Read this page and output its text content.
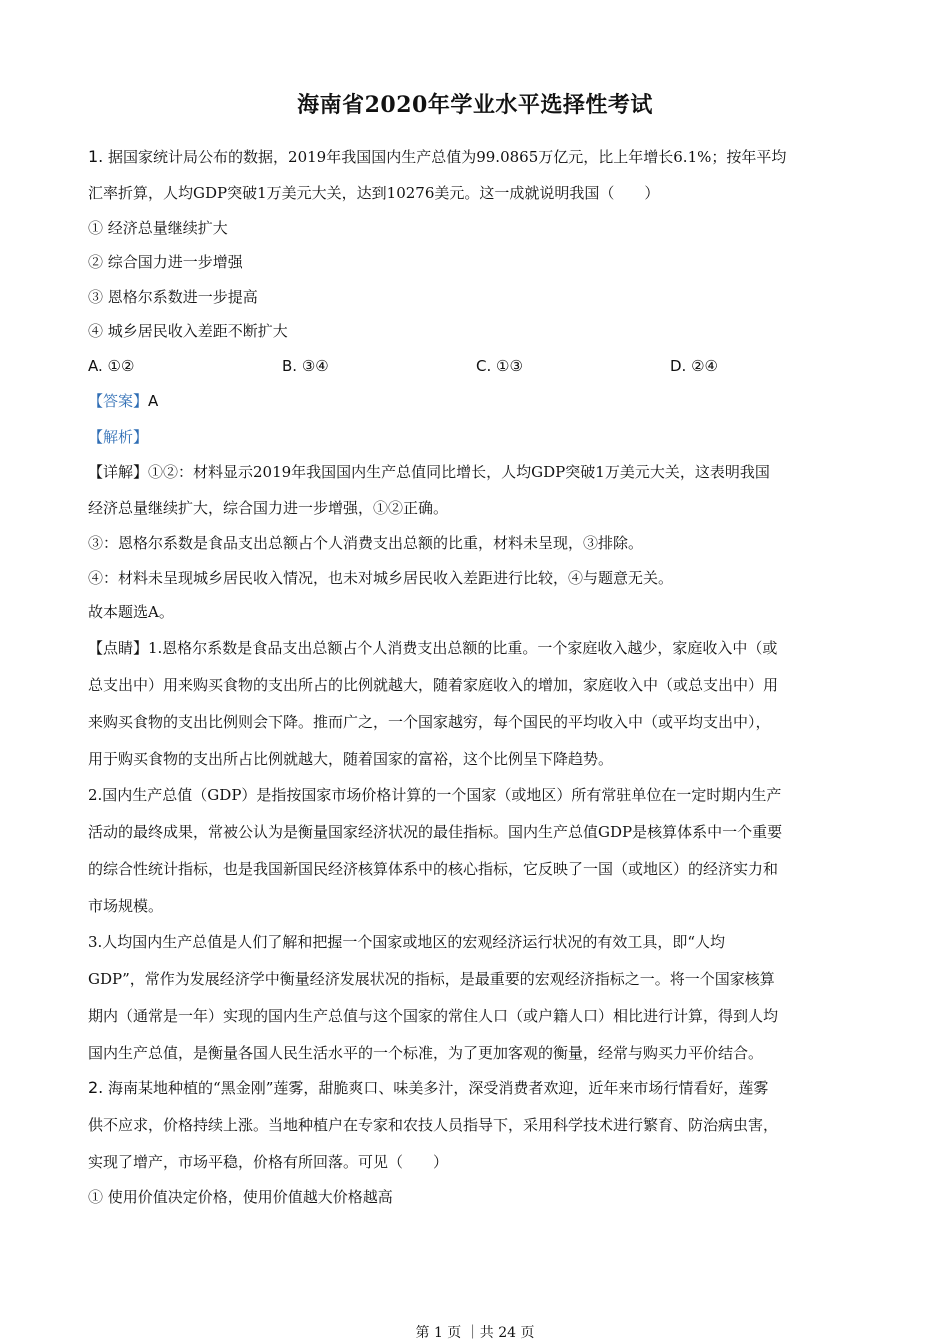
海南省2020年学业水平选择性考试
1. 据国家统计局公布的数据，2019年我国国内生产总值为99.0865万亿元，比上年增长6.1%；按年平均
汇率折算，人均GDP突破1万美元大关，达到10276美元。这一成就说明我国（　　）
① 经济总量继续扩大
② 综合国力进一步增强
③ 恩格尔系数进一步提高
④ 城乡居民收入差距不断扩大
A. ①②	B. ③④	C. ①③	D. ②④
【答案】A
【解析】
【详解】①②：材料显示2019年我国国内生产总值同比增长，人均GDP突破1万美元大关，这表明我国
经济总量继续扩大，综合国力进一步增强，①②正确。
③：恩格尔系数是食品支出总额占个人消费支出总额的比重，材料未呈现，③排除。
④：材料未呈现城乡居民收入情况，也未对城乡居民收入差距进行比较，④与题意无关。
故本题选A。
【点睛】1.恩格尔系数是食品支出总额占个人消费支出总额的比重。一个家庭收入越少，家庭收入中（或
总支出中）用来购买食物的支出所占的比例就越大，随着家庭收入的增加，家庭收入中（或总支出中）用
来购买食物的支出比例则会下降。推而广之，一个国家越穷，每个国民的平均收入中（或平均支出中），
用于购买食物的支出所占比例就越大，随着国家的富裕，这个比例呈下降趋势。
2.国内生产总值（GDP）是指按国家市场价格计算的一个国家（或地区）所有常驻单位在一定时期内生产
活动的最终成果，常被公认为是衡量国家经济状况的最佳指标。国内生产总值GDP是核算体系中一个重要
的综合性统计指标，也是我国新国民经济核算体系中的核心指标，它反映了一国（或地区）的经济实力和
市场规模。
3.人均国内生产总值是人们了解和把握一个国家或地区的宏观经济运行状况的有效工具，即“人均
GDP”，常作为发展经济学中衡量经济发展状况的指标，是最重要的宏观经济指标之一。将一个国家核算
期内（通常是一年）实现的国内生产总值与这个国家的常住人口（或户籍人口）相比进行计算，得到人均
国内生产总值，是衡量各国人民生活水平的一个标准，为了更加客观的衡量，经常与购买力平价结合。
2. 海南某地种植的“黑金刚”莲雾，甜脆爽口、味美多汁，深受消费者欢迎，近年来市场行情看好，莲雾
供不应求，价格持续上涨。当地种植户在专家和农技人员指导下，采用科学技术进行繁育、防治病虫害，
实现了增产，市场平稳，价格有所回落。可见（　　）
① 使用价值决定价格，使用价值越大价格越高
第 1 页 ｜共 24 页
